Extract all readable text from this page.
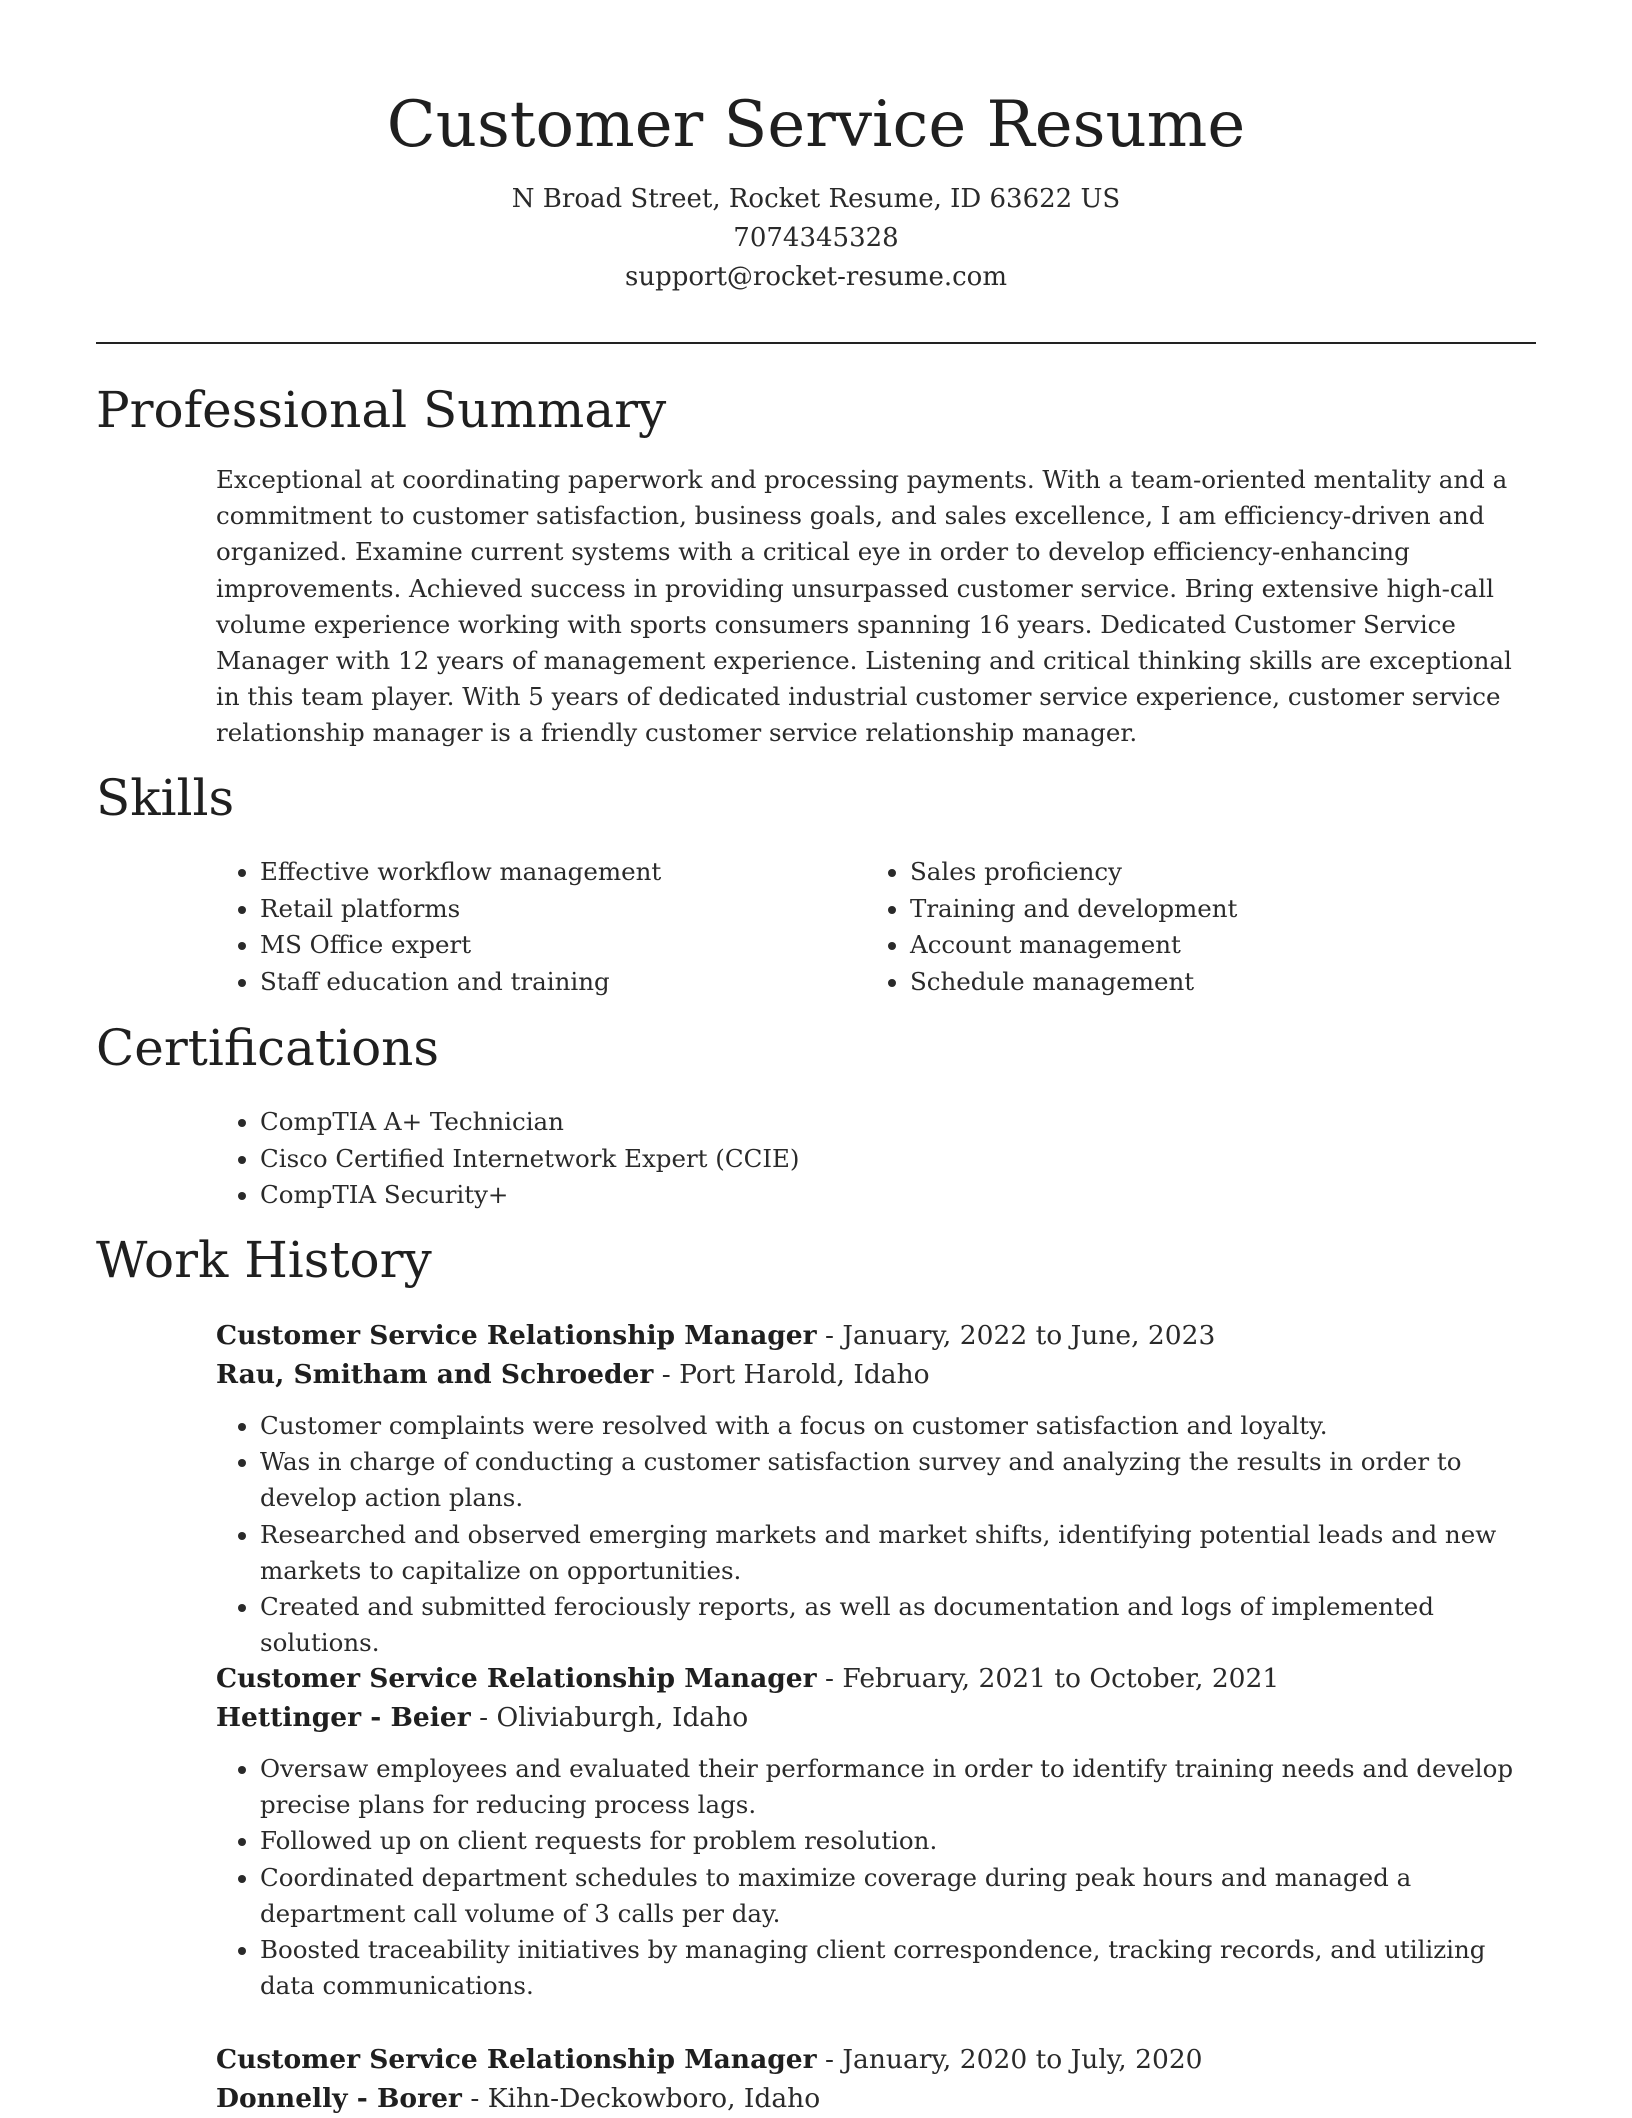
Customer Service Resume

N Broad Street, Rocket Resume, ID 63622 US

7074345328

support@rocket-resume.com

Professional Summary

Exceptional at coordinating paperwork and processing payments. With a team-oriented mentality and a commitment to customer satisfaction, business goals, and sales excellence, I am efficiency-driven and organized. Examine current systems with a critical eye in order to develop efficiency-enhancing improvements. Achieved success in providing unsurpassed customer service. Bring extensive high-call volume experience working with sports consumers spanning 16 years. Dedicated Customer Service Manager with 12 years of management experience. Listening and critical thinking skills are exceptional in this team player. With 5 years of dedicated industrial customer service experience, customer service relationship manager is a friendly customer service relationship manager.

Skills
• Effective workflow management
• Retail platforms
• MS Office expert
• Staff education and training
• Sales proficiency
• Training and development
• Account management
• Schedule management
Certifications
• CompTIA A+ Technician
• Cisco Certified Internetwork Expert (CCIE)
• CompTIA Security+
Work History

Customer Service Relationship Manager - January, 2022 to June, 2023

Rau, Smitham and Schroeder - Port Harold, Idaho

• Customer complaints were resolved with a focus on customer satisfaction and loyalty.
• Was in charge of conducting a customer satisfaction survey and analyzing the results in order to develop action plans.
• Researched and observed emerging markets and market shifts, identifying potential leads and new markets to capitalize on opportunities.
• Created and submitted ferociously reports, as well as documentation and logs of implemented solutions.

Customer Service Relationship Manager - February, 2021 to October, 2021

Hettinger - Beier - Oliviaburgh, Idaho

• Oversaw employees and evaluated their performance in order to identify training needs and develop precise plans for reducing process lags.
• Followed up on client requests for problem resolution.
• Coordinated department schedules to maximize coverage during peak hours and managed a department call volume of 3 calls per day.
• Boosted traceability initiatives by managing client correspondence, tracking records, and utilizing data communications.

Customer Service Relationship Manager - January, 2020 to July, 2020

Donnelly - Borer - Kihn-Deckowboro, Idaho
